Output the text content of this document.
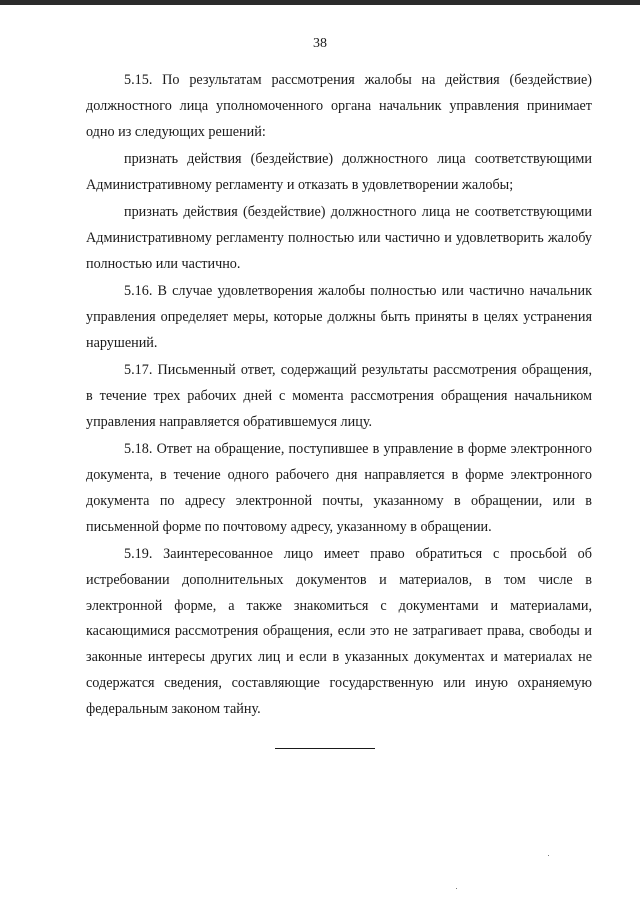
38

5.15. По результатам рассмотрения жалобы на действия (бездействие) должностного лица уполномоченного органа начальник управления принимает одно из следующих решений:

признать действия (бездействие) должностного лица соответствующими Административному регламенту и отказать в удовлетворении жалобы;

признать действия (бездействие) должностного лица не соответствующими Административному регламенту полностью или частично и удовлетворить жалобу полностью или частично.

5.16. В случае удовлетворения жалобы полностью или частично начальник управления определяет меры, которые должны быть приняты в целях устранения нарушений.

5.17. Письменный ответ, содержащий результаты рассмотрения обращения, в течение трех рабочих дней с момента рассмотрения обращения начальником управления направляется обратившемуся лицу.

5.18. Ответ на обращение, поступившее в управление в форме электронного документа, в течение одного рабочего дня направляется в форме электронного документа по адресу электронной почты, указанному в обращении, или в письменной форме по почтовому адресу, указанному в обращении.

5.19. Заинтересованное лицо имеет право обратиться с просьбой об истребовании дополнительных документов и материалов, в том числе в электронной форме, а также знакомиться с документами и материалами, касающимися рассмотрения обращения, если это не затрагивает права, свободы и законные интересы других лиц и если в указанных документах и материалах не содержатся сведения, составляющие государственную или иную охраняемую федеральным законом тайну.
